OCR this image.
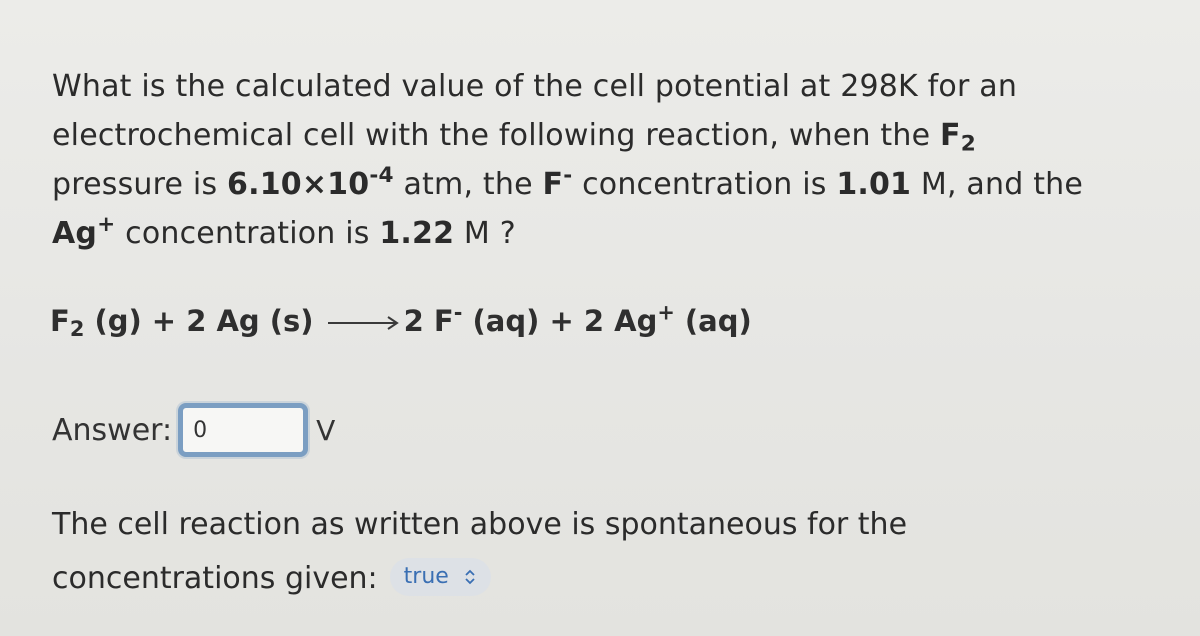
What is the calculated value of the cell potential at 298K for an
electrochemical cell with the following reaction, when the $F_2$
pressure is $6.10\times 10^{-4}$ atm, the F- concentration is 1.01 M, and the
Ag+ concentration is 1.22 M ?
$F_2$ (g) + 2 Ag (s)	2 F- (aq) + 2 Ag+ (aq)
Answer:
0	V
The cell reaction as written above is spontaneous for the
concentrations given: true
